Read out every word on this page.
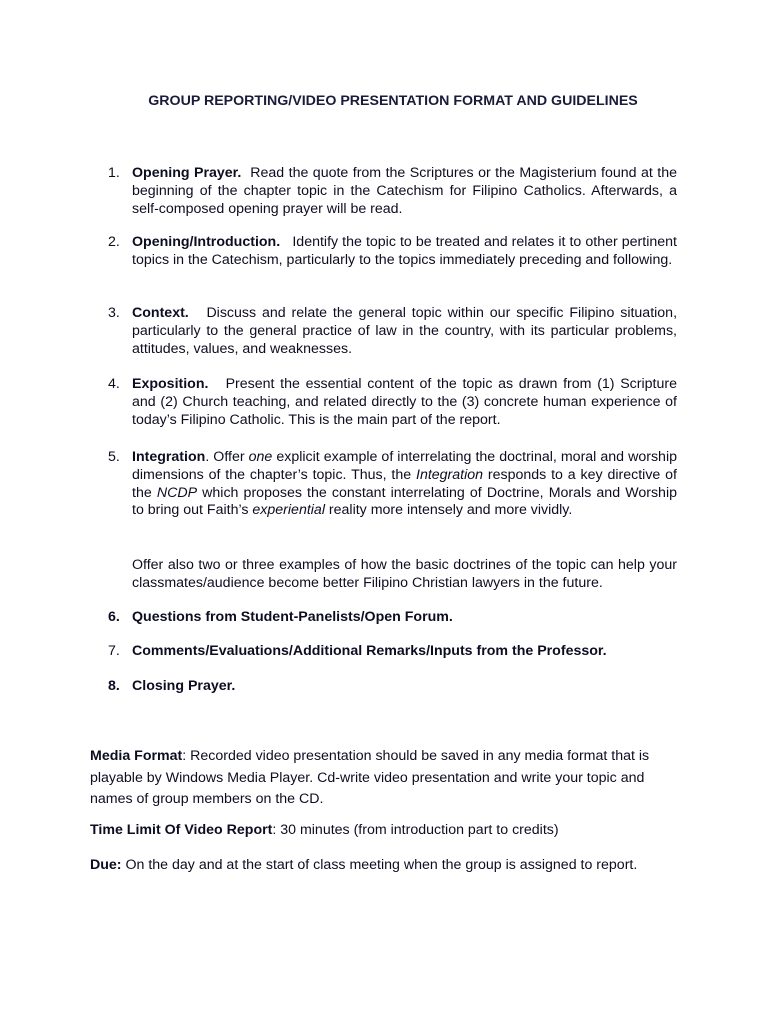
GROUP REPORTING/VIDEO PRESENTATION FORMAT AND GUIDELINES
1. Opening Prayer. Read the quote from the Scriptures or the Magisterium found at the beginning of the chapter topic in the Catechism for Filipino Catholics. Afterwards, a self-composed opening prayer will be read.
2. Opening/Introduction. Identify the topic to be treated and relates it to other pertinent topics in the Catechism, particularly to the topics immediately preceding and following.
3. Context. Discuss and relate the general topic within our specific Filipino situation, particularly to the general practice of law in the country, with its particular problems, attitudes, values, and weaknesses.
4. Exposition. Present the essential content of the topic as drawn from (1) Scripture and (2) Church teaching, and related directly to the (3) concrete human experience of today’s Filipino Catholic. This is the main part of the report.
5. Integration. Offer one explicit example of interrelating the doctrinal, moral and worship dimensions of the chapter’s topic. Thus, the Integration responds to a key directive of the NCDP which proposes the constant interrelating of Doctrine, Morals and Worship to bring out Faith’s experiential reality more intensely and more vividly.
Offer also two or three examples of how the basic doctrines of the topic can help your classmates/audience become better Filipino Christian lawyers in the future.
6. Questions from Student-Panelists/Open Forum.
7. Comments/Evaluations/Additional Remarks/Inputs from the Professor.
8. Closing Prayer.
Media Format: Recorded video presentation should be saved in any media format that is playable by Windows Media Player. Cd-write video presentation and write your topic and names of group members on the CD.
Time Limit Of Video Report: 30 minutes (from introduction part to credits)
Due: On the day and at the start of class meeting when the group is assigned to report.
